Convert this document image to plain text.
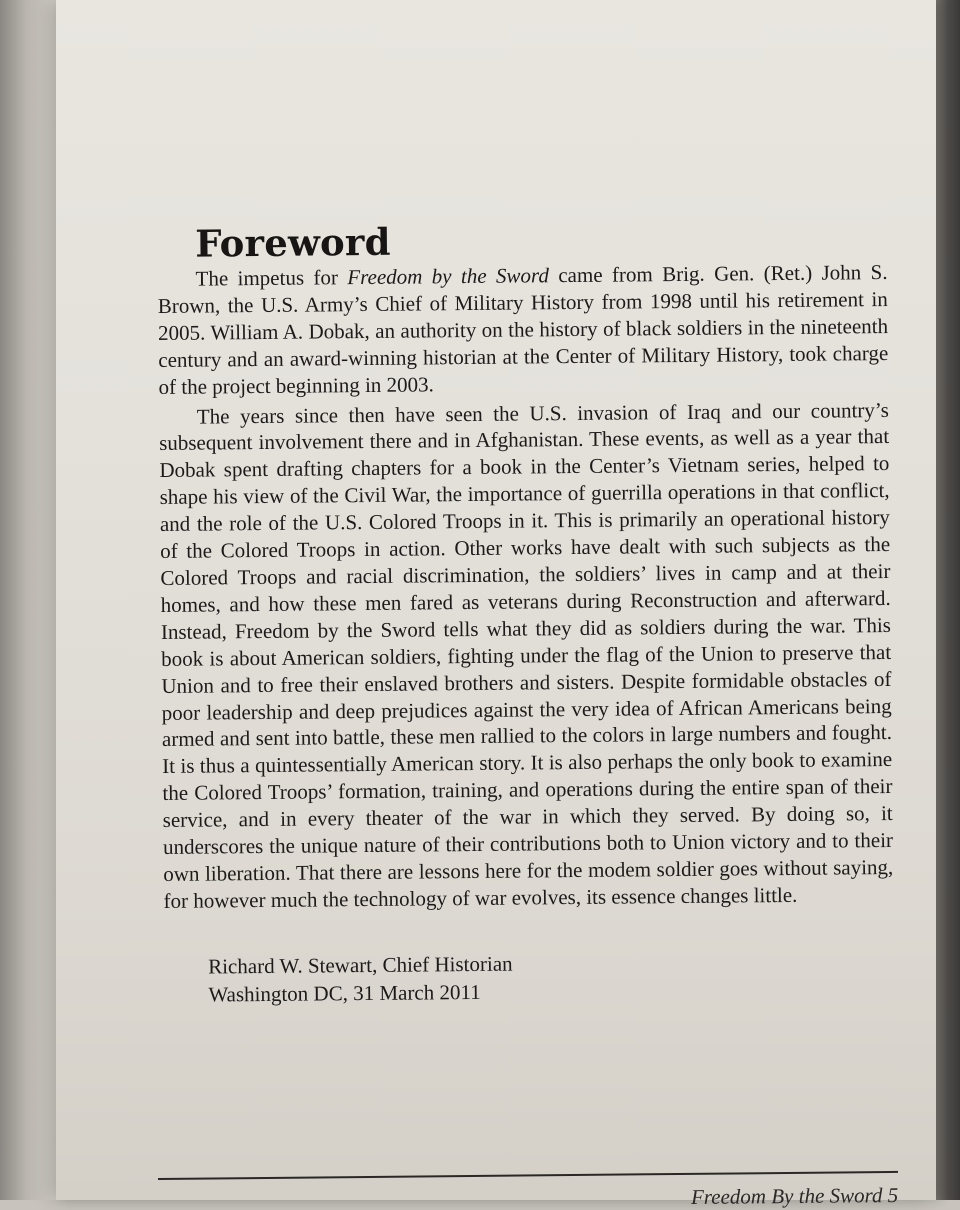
Foreword

The impetus for Freedom by the Sword came from Brig. Gen. (Ret.) John S. Brown, the U.S. Army’s Chief of Military History from 1998 until his retirement in 2005. William A. Dobak, an authority on the history of black soldiers in the nineteenth century and an award-winning historian at the Center of Military History, took charge of the project beginning in 2003.

The years since then have seen the U.S. invasion of Iraq and our country’s subsequent involvement there and in Afghanistan. These events, as well as a year that Dobak spent drafting chapters for a book in the Center’s Vietnam series, helped to shape his view of the Civil War, the importance of guerrilla operations in that conflict, and the role of the U.S. Colored Troops in it. This is primarily an operational history of the Colored Troops in action. Other works have dealt with such subjects as the Colored Troops and racial discrimination, the soldiers’ lives in camp and at their homes, and how these men fared as veterans during Reconstruction and afterward. Instead, Freedom by the Sword tells what they did as soldiers during the war. This book is about American soldiers, fighting under the flag of the Union to preserve that Union and to free their enslaved brothers and sisters. Despite formidable obstacles of poor leadership and deep prejudices against the very idea of African Americans being armed and sent into battle, these men rallied to the colors in large numbers and fought. It is thus a quintessentially American story. It is also perhaps the only book to examine the Colored Troops’ formation, training, and operations during the entire span of their service, and in every theater of the war in which they served. By doing so, it underscores the unique nature of their contributions both to Union victory and to their own liberation. That there are lessons here for the modem soldier goes without saying, for however much the technology of war evolves, its essence changes little.

Richard W. Stewart, Chief Historian
Washington DC, 31 March 2011
Freedom By the Sword 5
